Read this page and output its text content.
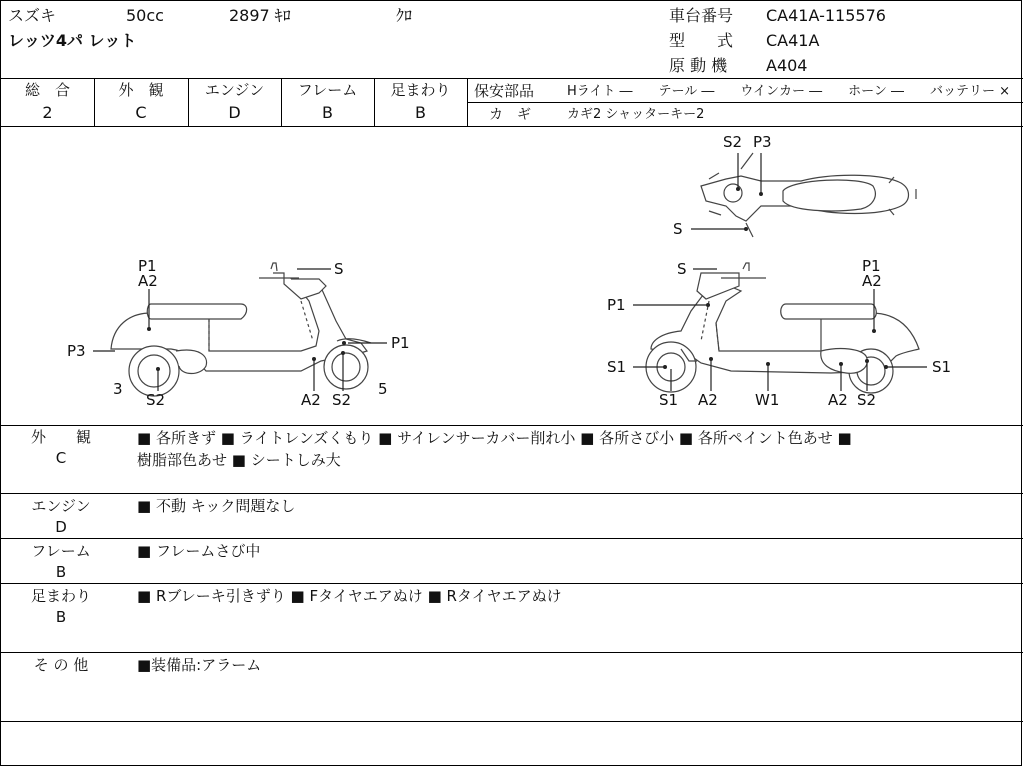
スズキ	50cc	2897 ｷﾛ	ｸﾛ
レッツ4パ レット
車台番号 CA41A-115576
型　　式 CA41A
原 動 機 A404
総　合
2
外　観
C
エンジン
D
フレーム
B
足まわり
B
保安部品	Hライト ―　　テール ―　　ウインカー ―　　ホーン ―　　バッテリー ×
カ　ギ	カギ2 シャッターキー2
P1
A2
S
P3	P1
3
S2	A2 S2
5
S2 P3
S
S	P1
A2
P1
S1
S1
S1
A2 W1	A2 S2
外　　観
C
■ 各所きず ■ ライトレンズくもり ■ サイレンサーカバー削れ小 ■ 各所さび小 ■ 各所ペイント色あせ ■
樹脂部色あせ ■ シートしみ大
エンジン
D
■ 不動 キック問題なし
フレーム
B
■ フレームさび中
足まわり
B
■ Rブレーキ引きずり ■ Fタイヤエアぬけ ■ Rタイヤエアぬけ
そ の 他	■装備品:アラーム
